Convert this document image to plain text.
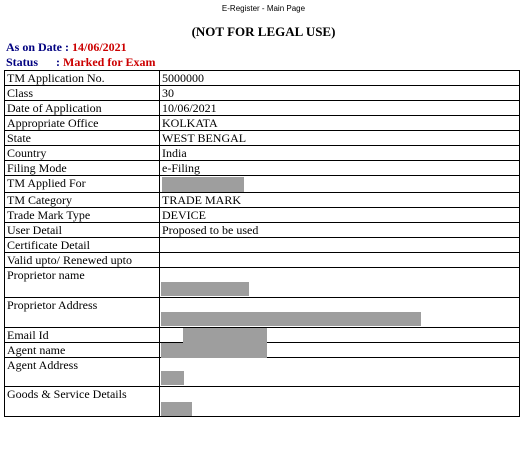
E-Register - Main Page
(NOT FOR LEGAL USE)
As on Date : 14/06/2021
Status      : Marked for Exam
TM Application No.	5000000
Class	30
Date of Application	10/06/2021
Appropriate Office	KOLKATA
State	WEST BENGAL
Country	India
Filing Mode	e-Filing
TM Applied For	
TM Category	TRADE MARK
Trade Mark Type	DEVICE
User Detail	Proposed to be used
Certificate Detail	
Valid upto/ Renewed upto	
Proprietor name	

Proprietor Address	

Email Id	

Agent name	

Agent Address	

Goods & Service Details	
